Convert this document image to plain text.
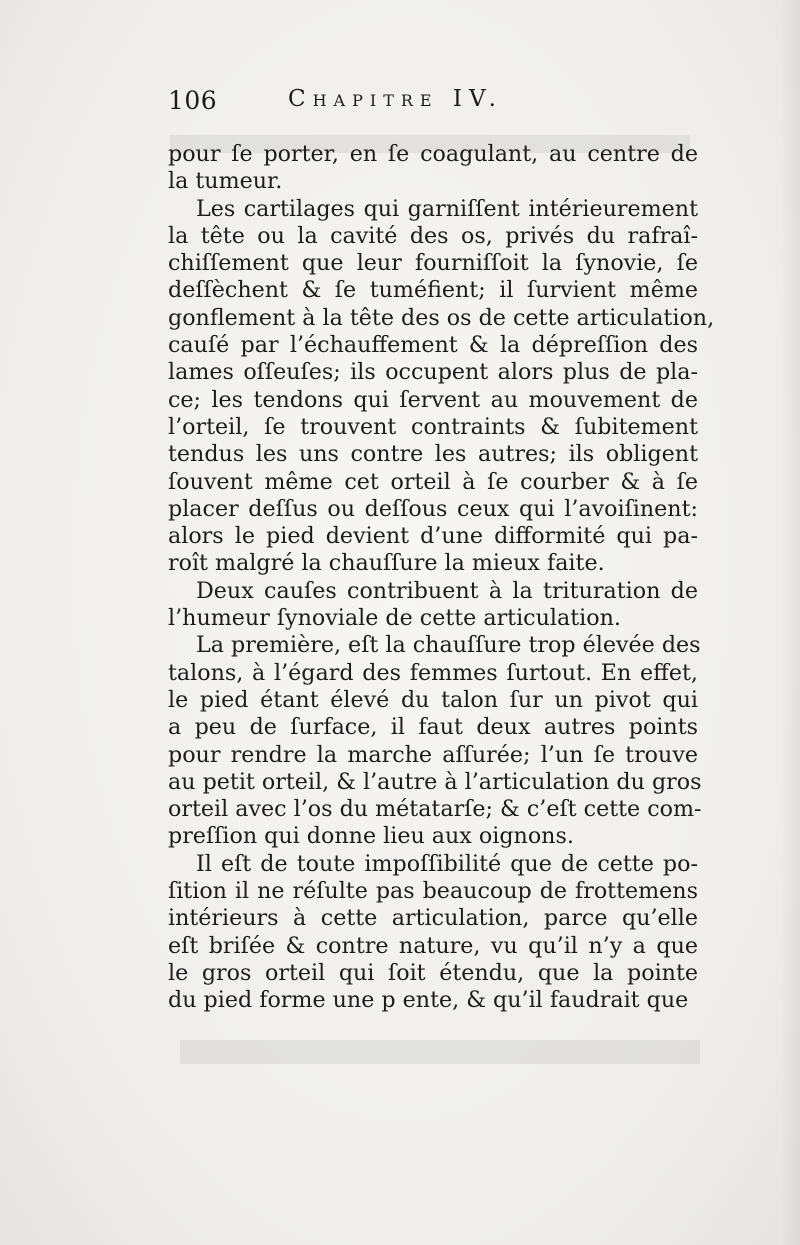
106	Chapitre IV.
pour ſe porter, en ſe coagulant, au centre de
la tumeur.
Les cartilages qui garniſſent intérieurement
la tête ou la cavité des os, privés du rafraî-
chiſſement que leur fourniſſoit la ſynovie, ſe
deſſèchent & ſe tuméfient; il ſurvient même
gonflement à la tête des os de cette articulation,
cauſé par l’échauffement & la dépreſſion des
lames oſſeuſes; ils occupent alors plus de pla-
ce; les tendons qui ſervent au mouvement de
l’orteil, ſe trouvent contraints & ſubitement
tendus les uns contre les autres; ils obligent
ſouvent même cet orteil à ſe courber & à ſe
placer deſſus ou deſſous ceux qui l’avoiſinent:
alors le pied devient d’une difformité qui pa-
roît malgré la chauſſure la mieux faite.
Deux cauſes contribuent à la trituration de
l’humeur ſynoviale de cette articulation.
La première, eſt la chauſſure trop élevée des
talons, à l’égard des femmes ſurtout. En effet,
le pied étant élevé du talon ſur un pivot qui
a peu de ſurface, il faut deux autres points
pour rendre la marche aſſurée; l’un ſe trouve
au petit orteil, & l’autre à l’articulation du gros
orteil avec l’os du métatarſe; & c’eſt cette com-
preſſion qui donne lieu aux oignons.
Il eſt de toute impoſſibilité que de cette po-
ſition il ne réſulte pas beaucoup de frottemens
intérieurs à cette articulation, parce qu’elle
eſt briſée & contre nature, vu qu’il n’y a que
le gros orteil qui ſoit étendu, que la pointe
du pied forme une p ente, & qu’il faudrait que
